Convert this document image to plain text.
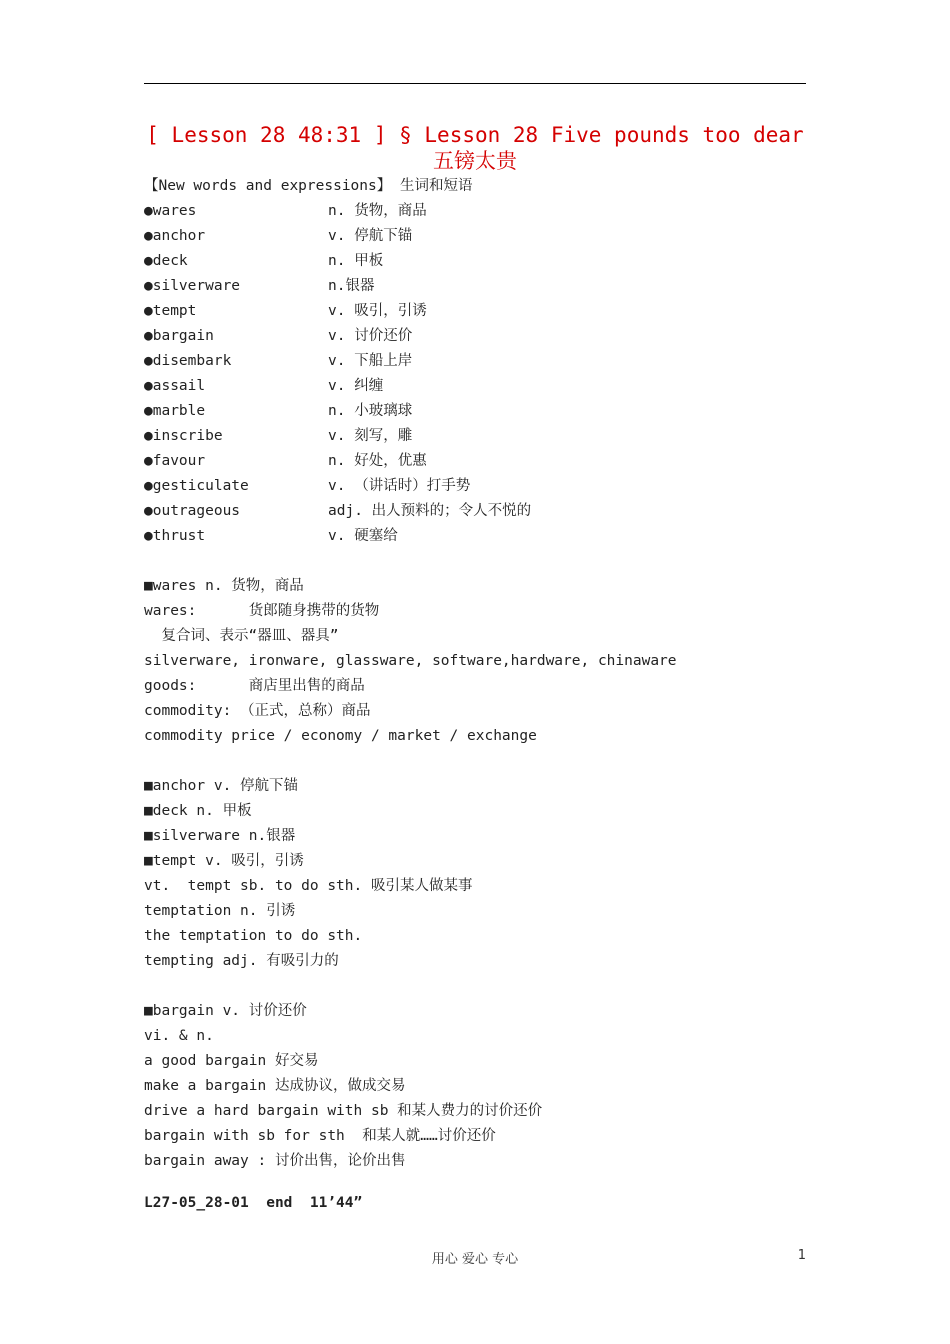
[ Lesson 28 48:31 ] § Lesson 28 Five pounds too dear 五镑太贵
【New words and expressions】 生词和短语
●wares	n. 货物，商品
●anchor	v. 停航下锚
●deck	n. 甲板
●silverware	n.银器
●tempt	v. 吸引，引诱
●bargain	v. 讨价还价
●disembark	v. 下船上岸
●assail	v. 纠缠
●marble	n. 小玻璃球
●inscribe	v. 刻写，雕
●favour	n. 好处，优惠
●gesticulate	v. （讲话时）打手势
●outrageous	adj. 出人预料的；令人不悦的
●thrust	v. 硬塞给
■wares n. 货物，商品
wares:      货郎随身携带的货物
复合词、表示“器皿、器具”
silverware, ironware, glassware, software,hardware, chinaware
goods:      商店里出售的商品
commodity: （正式，总称）商品
commodity price / economy / market / exchange
■anchor v. 停航下锚
■deck n. 甲板
■silverware n.银器
■tempt v. 吸引，引诱
vt.  tempt sb. to do sth. 吸引某人做某事
temptation n. 引诱
the temptation to do sth.
tempting adj. 有吸引力的
■bargain v. 讨价还价
vi. & n.
a good bargain 好交易
make a bargain 达成协议，做成交易
drive a hard bargain with sb 和某人费力的讨价还价
bargain with sb for sth  和某人就……讨价还价
bargain away : 讨价出售，论价出售
L27-05_28-01  end  11’44”
用心 爱心 专心	1
